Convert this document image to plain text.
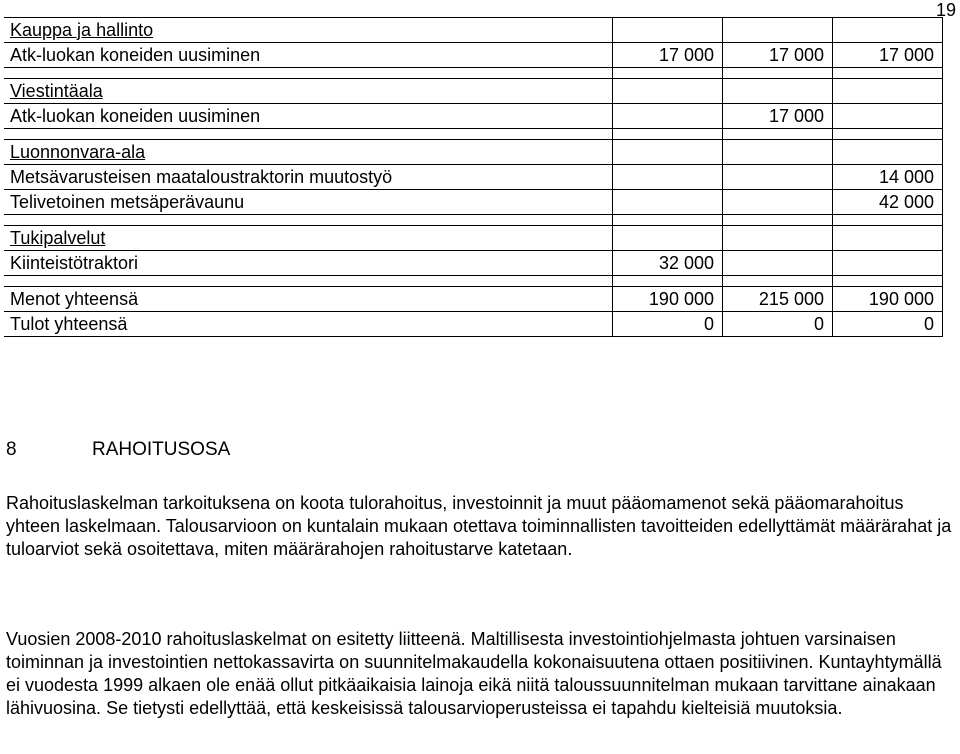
19
Kauppa ja hallinto			
Atk-luokan koneiden uusiminen	17 000	17 000	17 000

Viestintäala			
Atk-luokan koneiden uusiminen		17 000	

Luonnonvara-ala			
Metsävarusteisen maataloustraktorin muutostyö			14 000
Telivetoinen metsäperävaunu			42 000

Tukipalvelut			
Kiinteistötraktori	32 000		

Menot yhteensä	190 000	215 000	190 000
Tulot yhteensä	0	0	0
8	RAHOITUSOSA
Rahoituslaskelman tarkoituksena on koota tulorahoitus, investoinnit ja muut pääomamenot sekä pääomarahoitus yhteen laskelmaan. Talousarvioon on kuntalain mukaan otettava toiminnallisten tavoitteiden edellyttämät määrärahat ja tuloarviot sekä osoitettava, miten määrärahojen rahoitustarve katetaan.
Vuosien 2008-2010 rahoituslaskelmat on esitetty liitteenä. Maltillisesta investointiohjelmasta johtuen varsinaisen toiminnan ja investointien nettokassavirta on suunnitelmakaudella kokonaisuutena ottaen positiivinen. Kuntayhtymällä ei vuodesta 1999 alkaen ole enää ollut pitkäaikaisia lainoja eikä niitä taloussuunnitelman mukaan tarvittane ainakaan lähivuosina. Se tietysti edellyttää, että keskeisissä talousarvioperusteissa ei tapahdu kielteisiä muutoksia.
